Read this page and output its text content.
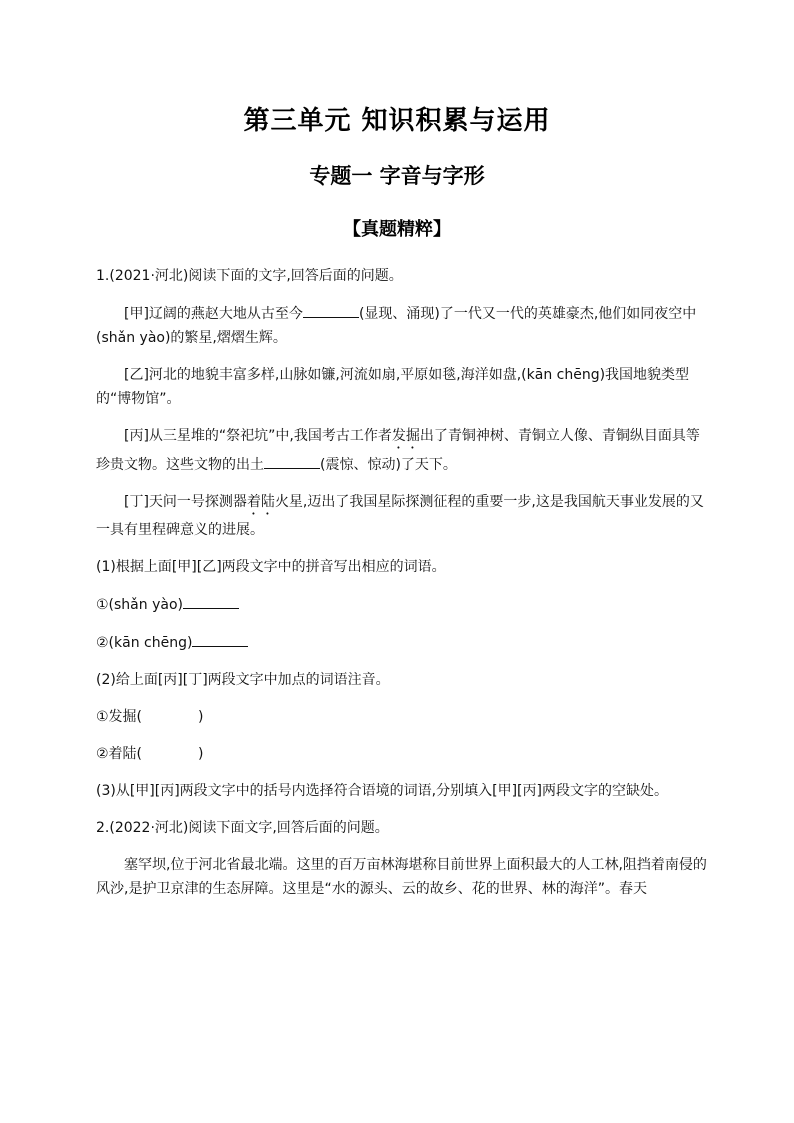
第三单元 知识积累与运用
专题一 字音与字形
【真题精粹】

1.(2021·河北)阅读下面的文字,回答后面的问题。

[甲]辽阔的燕赵大地从古至今	(显现、涌现)了一代又一代的英雄豪杰,他们如同夜空中(shǎn yào)的繁星,熠熠生辉。

[乙]河北的地貌丰富多样,山脉如镰,河流如扇,平原如毯,海洋如盘,(kān chēng)我国地貌类型的“博物馆”。

[丙]从三星堆的“祭祀坑”中,我国考古工作者发掘出了青铜神树、青铜立人像、青铜纵目面具等珍贵文物。这些文物的出土	(震惊、惊动)了天下。

[丁]天问一号探测器着陆火星,迈出了我国星际探测征程的重要一步,这是我国航天事业发展的又一具有里程碑意义的进展。

(1)根据上面[甲][乙]两段文字中的拼音写出相应的词语。

①(shǎn yào)

②(kān chēng)

(2)给上面[丙][丁]两段文字中加点的词语注音。

①发掘(	)

②着陆(	)

(3)从[甲][丙]两段文字中的括号内选择符合语境的词语,分别填入[甲][丙]两段文字的空缺处。

2.(2022·河北)阅读下面文字,回答后面的问题。

塞罕坝,位于河北省最北端。这里的百万亩林海堪称目前世界上面积最大的人工林,阻挡着南侵的风沙,是护卫京津的生态屏障。这里是“水的源头、云的故乡、花的世界、林的海洋”。春天
